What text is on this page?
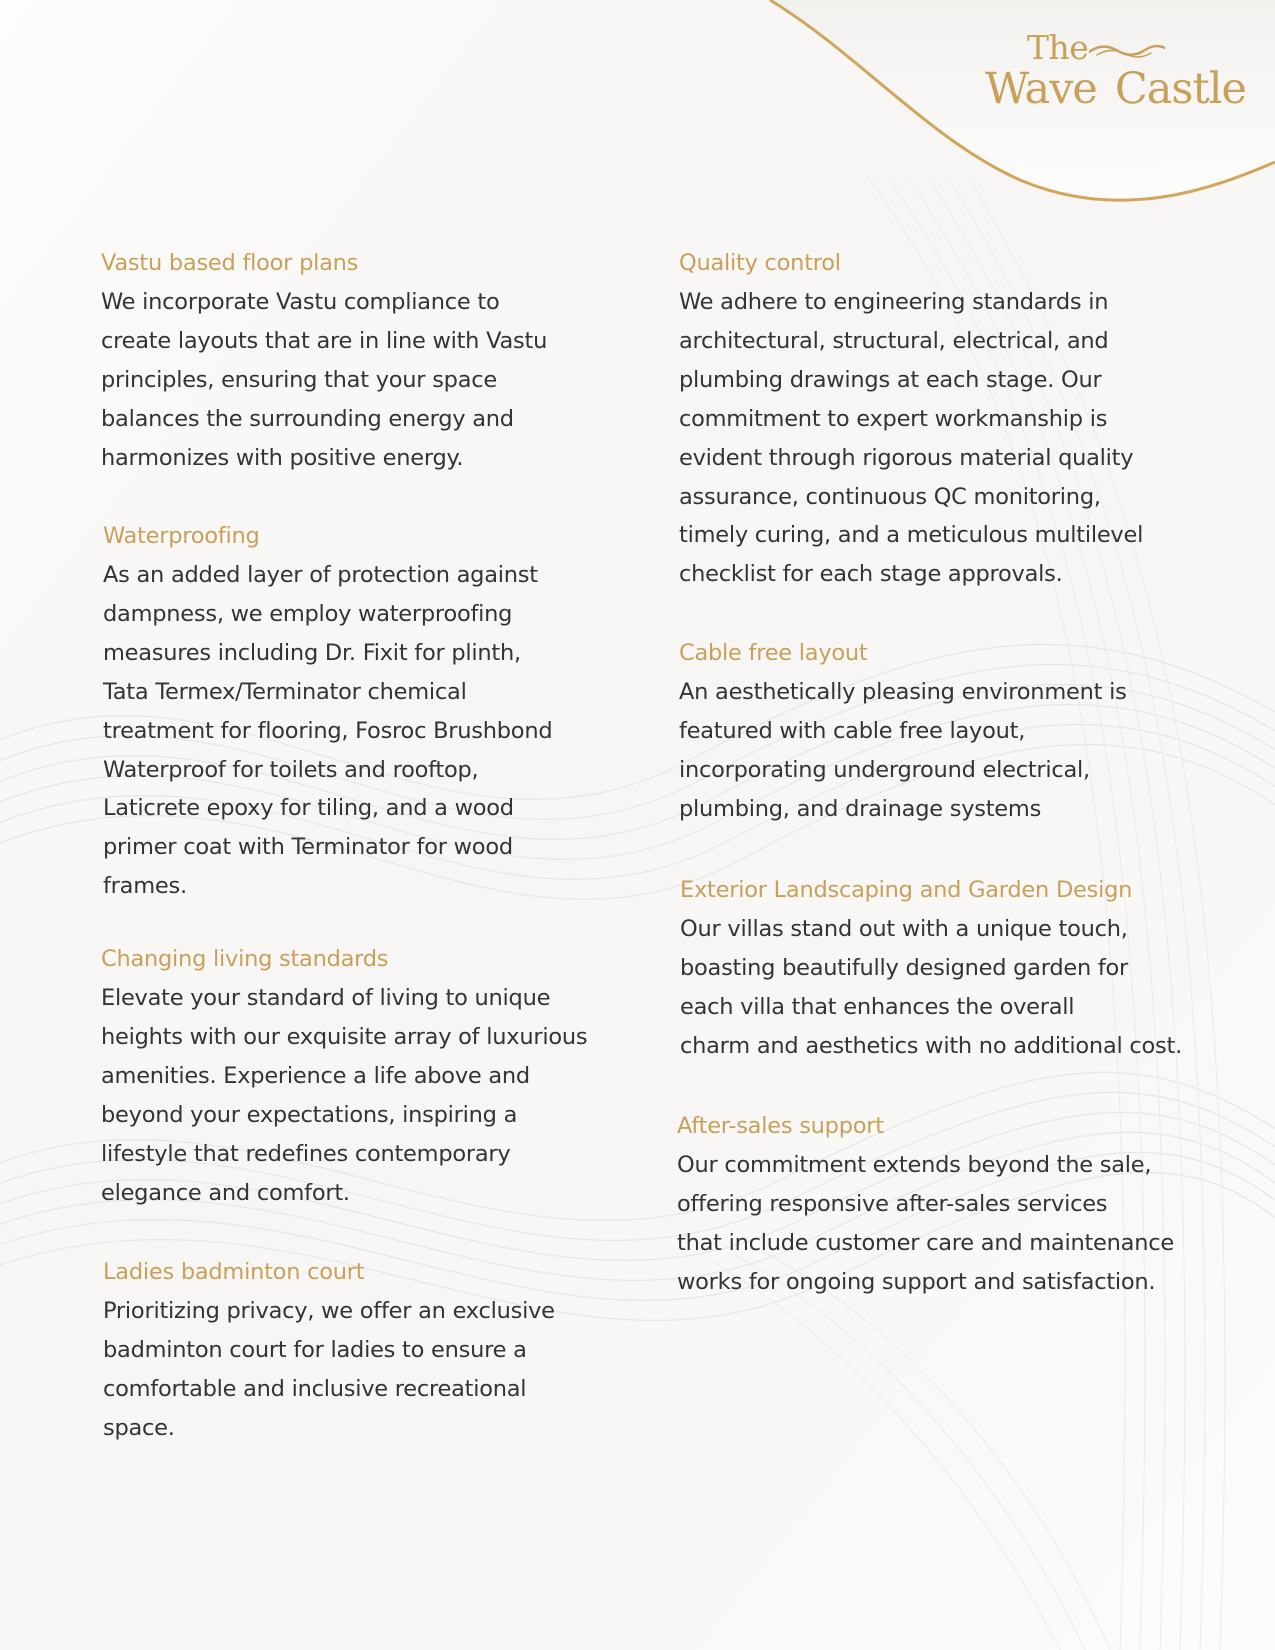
The
Wave Castle
Vastu based floor plans

We incorporate Vastu compliance to
create layouts that are in line with Vastu
principles, ensuring that your space
balances the surrounding energy and
harmonizes with positive energy.

Waterproofing

As an added layer of protection against
dampness, we employ waterproofing
measures including Dr. Fixit for plinth,
Tata Termex/Terminator chemical
treatment for flooring, Fosroc Brushbond
Waterproof for toilets and rooftop,
Laticrete epoxy for tiling, and a wood
primer coat with Terminator for wood
frames.

Changing living standards

Elevate your standard of living to unique
heights with our exquisite array of luxurious
amenities. Experience a life above and
beyond your expectations, inspiring a
lifestyle that redefines contemporary
elegance and comfort.

Ladies badminton court

Prioritizing privacy, we offer an exclusive
badminton court for ladies to ensure a
comfortable and inclusive recreational
space.

Quality control

We adhere to engineering standards in
architectural, structural, electrical, and
plumbing drawings at each stage. Our
commitment to expert workmanship is
evident through rigorous material quality
assurance, continuous QC monitoring,
timely curing, and a meticulous multilevel
checklist for each stage approvals.

Cable free layout

An aesthetically pleasing environment is
featured with cable free layout,
incorporating underground electrical,
plumbing, and drainage systems

Exterior Landscaping and Garden Design

Our villas stand out with a unique touch,
boasting beautifully designed garden for
each villa that enhances the overall
charm and aesthetics with no additional cost.

After-sales support

Our commitment extends beyond the sale,
offering responsive after-sales services
that include customer care and maintenance
works for ongoing support and satisfaction.
